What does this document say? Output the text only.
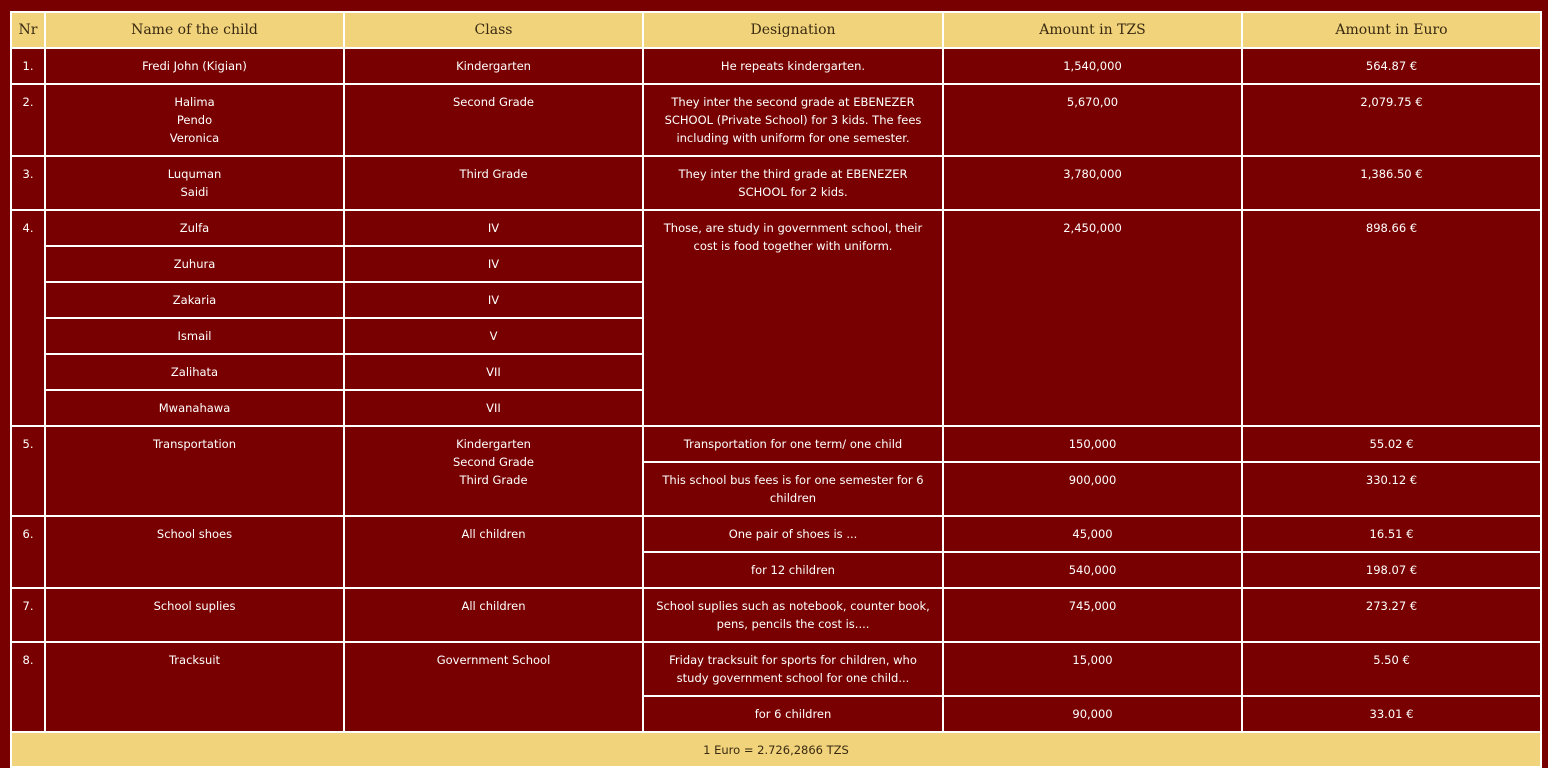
Nr	Name of the child	Class	Designation	Amount in TZS	Amount in Euro
1.	Fredi John (Kigian)	Kindergarten	He repeats kindergarten.	1,540,000	564.87 €
2.	Halima
Pendo
Veronica	Second Grade	They inter the second grade at EBENEZER SCHOOL (Private School) for 3 kids. The fees including with uniform for one semester.	5,670,00	2,079.75 €
3.	Luquman
Saidi	Third Grade	They inter the third grade at EBENEZER SCHOOL for 2 kids.	3,780,000	1,386.50 €
4.	Zulfa	IV	Those, are study in government school, their cost is food together with uniform.	2,450,000	898.66 €
	Zuhura	IV			
	Zakaria	IV			
	Ismail	V			
	Zalihata	VII			
	Mwanahawa	VII			
5.	Transportation	Kindergarten
Second Grade
Third Grade	Transportation for one term/ one child	150,000	55.02 €
			This school bus fees is for one semester for 6 children	900,000	330.12 €
6.	School shoes	All children	One pair of shoes is ...	45,000	16.51 €
			for 12 children	540,000	198.07 €
7.	School suplies	All children	School suplies such as notebook, counter book, pens, pencils the cost is....	745,000	273.27 €
8.	Tracksuit	Government School	Friday tracksuit for sports for children, who study government school for one child...	15,000	5.50 €
			for 6 children	90,000	33.01 €
1 Euro = 2.726,2866 TZS					
